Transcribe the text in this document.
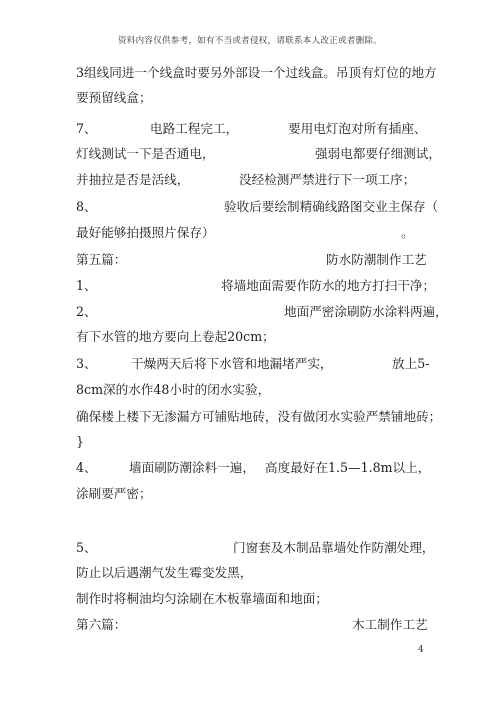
资料内容仅供参考，如有不当或者侵权，请联系本人改正或者删除。
3组线同进一个线盒时要另外部设一个过线盒。吊顶有灯位的地方
要预留线盒；
7、	电路工程完工，	要用电灯泡对所有插座、
灯线测试一下是否通电，	强弱电都要仔细测试，
并抽拉是否是活线，	没经检测严禁进行下一项工序；
8、	验收后要绘制精确线路图交业主保存（
最好能够拍摄照片保存）	。
第五篇：	防水防潮制作工艺
1、	将墙地面需要作防水的地方打扫干净；
2、	地面严密涂刷防水涂料两遍，
有下水管的地方要向上卷起20cm；
3、	干燥两天后将下水管和地漏堵严实，	放上5-
8cm深的水作48小时的闭水实验，
确保楼上楼下无渗漏方可铺贴地砖，没有做闭水实验严禁铺地砖；
}
4、	墙面刷防潮涂料一遍， 高度最好在1.5—1.8m以上，
涂刷要严密；
5、	门窗套及木制品靠墙处作防潮处理，
防止以后遇潮气发生霉变发黑，
制作时将桐油均匀涂刷在木板靠墙面和地面；
第六篇：	木工制作工艺
4
